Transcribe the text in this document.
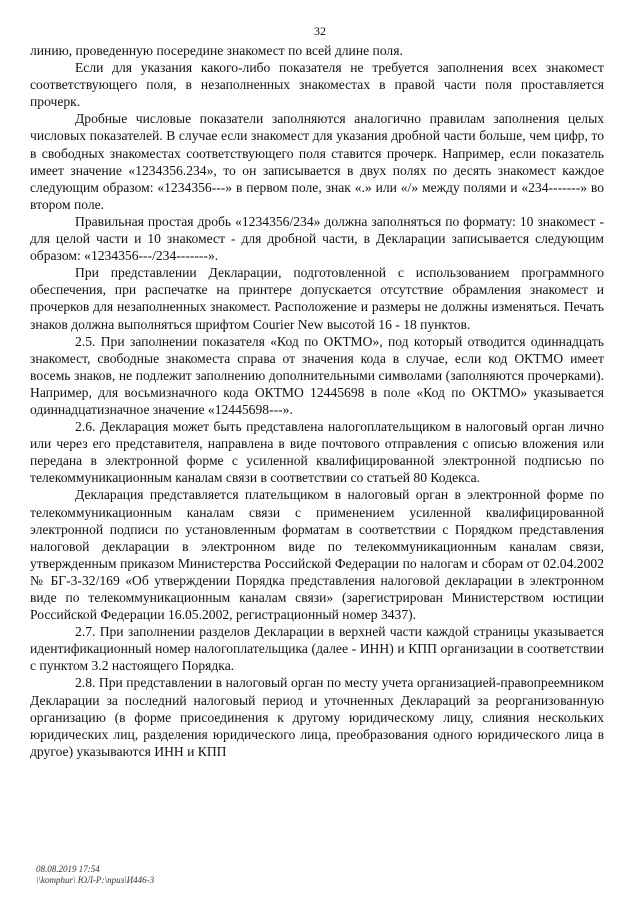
32

линию, проведенную посередине знакомест по всей длине поля.

Если для указания какого-либо показателя не требуется заполнения всех знакомест соответствующего поля, в незаполненных знакоместах в правой части поля проставляется прочерк.

Дробные числовые показатели заполняются аналогично правилам заполнения целых числовых показателей. В случае если знакомест для указания дробной части больше, чем цифр, то в свободных знакоместах соответствующего поля ставится прочерк. Например, если показатель имеет значение «1234356.234», то он записывается в двух полях по десять знакомест каждое следующим образом: «1234356---» в первом поле, знак «.» или «/» между полями и «234-------» во втором поле.

Правильная простая дробь «1234356/234» должна заполняться по формату: 10 знакомест - для целой части и 10 знакомест - для дробной части, в Декларации записывается следующим образом: «1234356---/234-------».

При представлении Декларации, подготовленной с использованием программного обеспечения, при распечатке на принтере допускается отсутствие обрамления знакомест и прочерков для незаполненных знакомест. Расположение и размеры не должны изменяться. Печать знаков должна выполняться шрифтом Courier New высотой 16 - 18 пунктов.

2.5. При заполнении показателя «Код по ОКТМО», под который отводится одиннадцать знакомест, свободные знакоместа справа от значения кода в случае, если код ОКТМО имеет восемь знаков, не подлежит заполнению дополнительными символами (заполняются прочерками). Например, для восьмизначного кода ОКТМО 12445698 в поле «Код по ОКТМО» указывается одиннадцатизначное значение «12445698---».

2.6. Декларация может быть представлена налогоплательщиком в налоговый орган лично или через его представителя, направлена в виде почтового отправления с описью вложения или передана в электронной форме с усиленной квалифицированной электронной подписью по телекоммуникационным каналам связи в соответствии со статьей 80 Кодекса.

Декларация представляется плательщиком в налоговый орган в электронной форме по телекоммуникационным каналам связи с применением усиленной квалифицированной электронной подписи по установленным форматам в соответствии с Порядком представления налоговой декларации в электронном виде по телекоммуникационным каналам связи, утвержденным приказом Министерства Российской Федерации по налогам и сборам от 02.04.2002 № БГ-3-32/169 «Об утверждении Порядка представления налоговой декларации в электронном виде по телекоммуникационным каналам связи» (зарегистрирован Министерством юстиции Российской Федерации 16.05.2002, регистрационный номер 3437).

2.7. При заполнении разделов Декларации в верхней части каждой страницы указывается идентификационный номер налогоплательщика (далее - ИНН) и КПП организации в соответствии с пунктом 3.2 настоящего Порядка.

2.8. При представлении в налоговый орган по месту учета организацией-правопреемником Декларации за последний налоговый период и уточненных Деклараций за реорганизованную организацию (в форме присоединения к другому юридическому лицу, слияния нескольких юридических лиц, разделения юридического лица, преобразования одного юридического лица в другое) указываются ИНН и КПП

08.08.2019 17:54
\\komphur\ ЮЛ-Р:\приз\И446-3
